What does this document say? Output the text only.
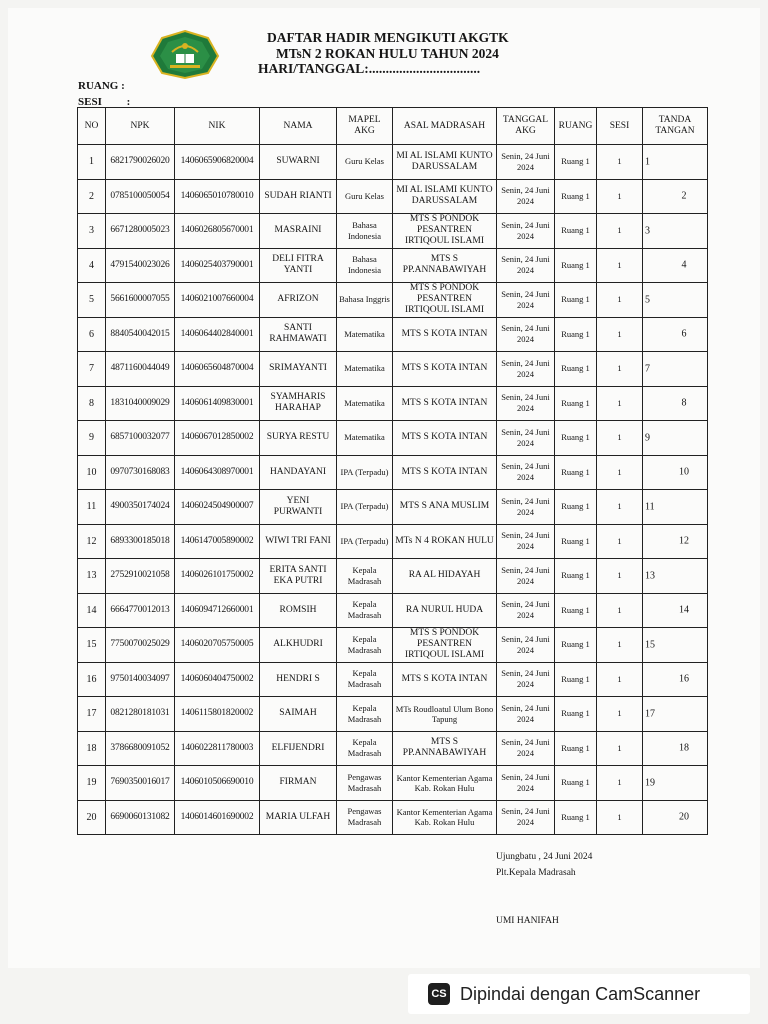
DAFTAR HADIR MENGIKUTI AKGTK
MTsN 2 ROKAN HULU TAHUN 2024
HARI/TANGGAL:.................................
RUANG :
SESI :
NO	NPK	NIK	NAMA	MAPEL AKG	ASAL MADRASAH	TANGGAL AKG	RUANG	SESI	TANDA TANGAN
1	6821790026020	1406065906820004	SUWARNI	Guru Kelas	MI AL ISLAMI KUNTO DARUSSALAM	Senin, 24 Juni 2024	Ruang 1	1	1

2	0785100050054	1406065010780010	SUDAH RIANTI	Guru Kelas	MI AL ISLAMI KUNTO DARUSSALAM	Senin, 24 Juni 2024	Ruang 1	1	2

3	6671280005023	1406026805670001	MASRAINI	Bahasa Indonesia	MTS S PONDOK PESANTREN IRTIQOUL ISLAMI	Senin, 24 Juni 2024	Ruang 1	1	3

4	4791540023026	1406025403790001	DELI FITRA YANTI	Bahasa Indonesia	MTS S PP.ANNABAWIYAH	Senin, 24 Juni 2024	Ruang 1	1	4

5	5661600007055	1406021007660004	AFRIZON	Bahasa Inggris	MTS S PONDOK PESANTREN IRTIQOUL ISLAMI	Senin, 24 Juni 2024	Ruang 1	1	5

6	8840540042015	1406064402840001	SANTI RAHMAWATI	Matematika	MTS S KOTA INTAN	Senin, 24 Juni 2024	Ruang 1	1	6

7	4871160044049	1406065604870004	SRIMAYANTI	Matematika	MTS S KOTA INTAN	Senin, 24 Juni 2024	Ruang 1	1	7

8	1831040009029	1406061409830001	SYAMHARIS HARAHAP	Matematika	MTS S KOTA INTAN	Senin, 24 Juni 2024	Ruang 1	1	8

9	6857100032077	1406067012850002	SURYA RESTU	Matematika	MTS S KOTA INTAN	Senin, 24 Juni 2024	Ruang 1	1	9

10	0970730168083	1406064308970001	HANDAYANI	IPA (Terpadu)	MTS S KOTA INTAN	Senin, 24 Juni 2024	Ruang 1	1	10

11	4900350174024	1406024504900007	YENI PURWANTI	IPA (Terpadu)	MTS S ANA MUSLIM	Senin, 24 Juni 2024	Ruang 1	1	11

12	6893300185018	1406147005890002	WIWI TRI FANI	IPA (Terpadu)	MTs N 4 ROKAN HULU	Senin, 24 Juni 2024	Ruang 1	1	12

13	2752910021058	1406026101750002	ERITA SANTI EKA PUTRI	Kepala Madrasah	RA AL HIDAYAH	Senin, 24 Juni 2024	Ruang 1	1	13

14	6664770012013	1406094712660001	ROMSIH	Kepala Madrasah	RA NURUL HUDA	Senin, 24 Juni 2024	Ruang 1	1	14

15	7750070025029	1406020705750005	ALKHUDRI	Kepala Madrasah	MTS S PONDOK PESANTREN IRTIQOUL ISLAMI	Senin, 24 Juni 2024	Ruang 1	1	15

16	9750140034097	1406060404750002	HENDRI S	Kepala Madrasah	MTS S KOTA INTAN	Senin, 24 Juni 2024	Ruang 1	1	16

17	0821280181031	1406115801820002	SAIMAH	Kepala Madrasah	MTs Roudloatul Ulum Bono Tapung	Senin, 24 Juni 2024	Ruang 1	1	17

18	3786680091052	1406022811780003	ELFIJENDRI	Kepala Madrasah	MTS S PP.ANNABAWIYAH	Senin, 24 Juni 2024	Ruang 1	1	18

19	7690350016017	1406010506690010	FIRMAN	Pengawas Madrasah	Kantor Kementerian Agama Kab. Rokan Hulu	Senin, 24 Juni 2024	Ruang 1	1	19

20	6690060131082	1406014601690002	MARIA ULFAH	Pengawas Madrasah	Kantor Kementerian Agama Kab. Rokan Hulu	Senin, 24 Juni 2024	Ruang 1	1	20
Ujungbatu , 24 Juni 2024
Plt.Kepala Madrasah
UMI HANIFAH
CS Dipindai dengan CamScanner
